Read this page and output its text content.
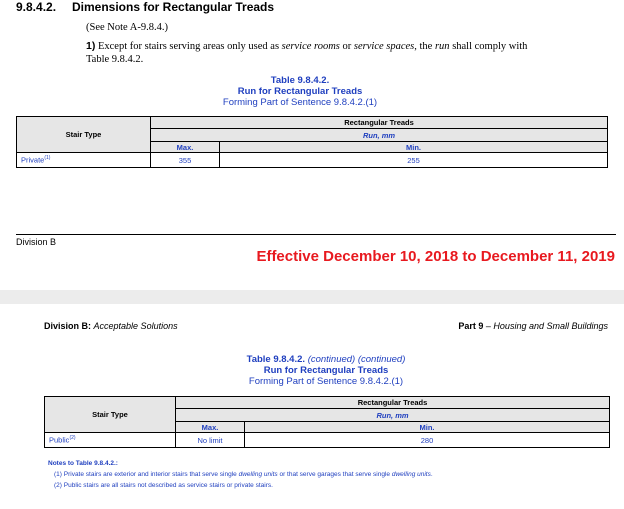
9.8.4.2. Dimensions for Rectangular Treads
(See Note A-9.8.4.)
1) Except for stairs serving areas only used as service rooms or service spaces, the run shall comply with
Table 9.8.4.2.
Table 9.8.4.2.
Run for Rectangular Treads
Forming Part of Sentence 9.8.4.2.(1)
Stair Type	Rectangular Treads	
	Run, mm	
	Max.	Min.
Private$^{(1)}$	355	255
Division B
Effective December 10, 2018 to December 11, 2019
Division B: Acceptable Solutions	Part 9 – Housing and Small Buildings
Table 9.8.4.2. (continued) (continued)
Run for Rectangular Treads
Forming Part of Sentence 9.8.4.2.(1)
Stair Type	Rectangular Treads	
	Run, mm	
	Max.	Min.
Public$^{(2)}$	No limit	280
Notes to Table 9.8.4.2.:
(1) Private stairs are exterior and interior stairs that serve single dwelling units or that serve garages that serve single dwelling units.
(2) Public stairs are all stairs not described as service stairs or private stairs.
